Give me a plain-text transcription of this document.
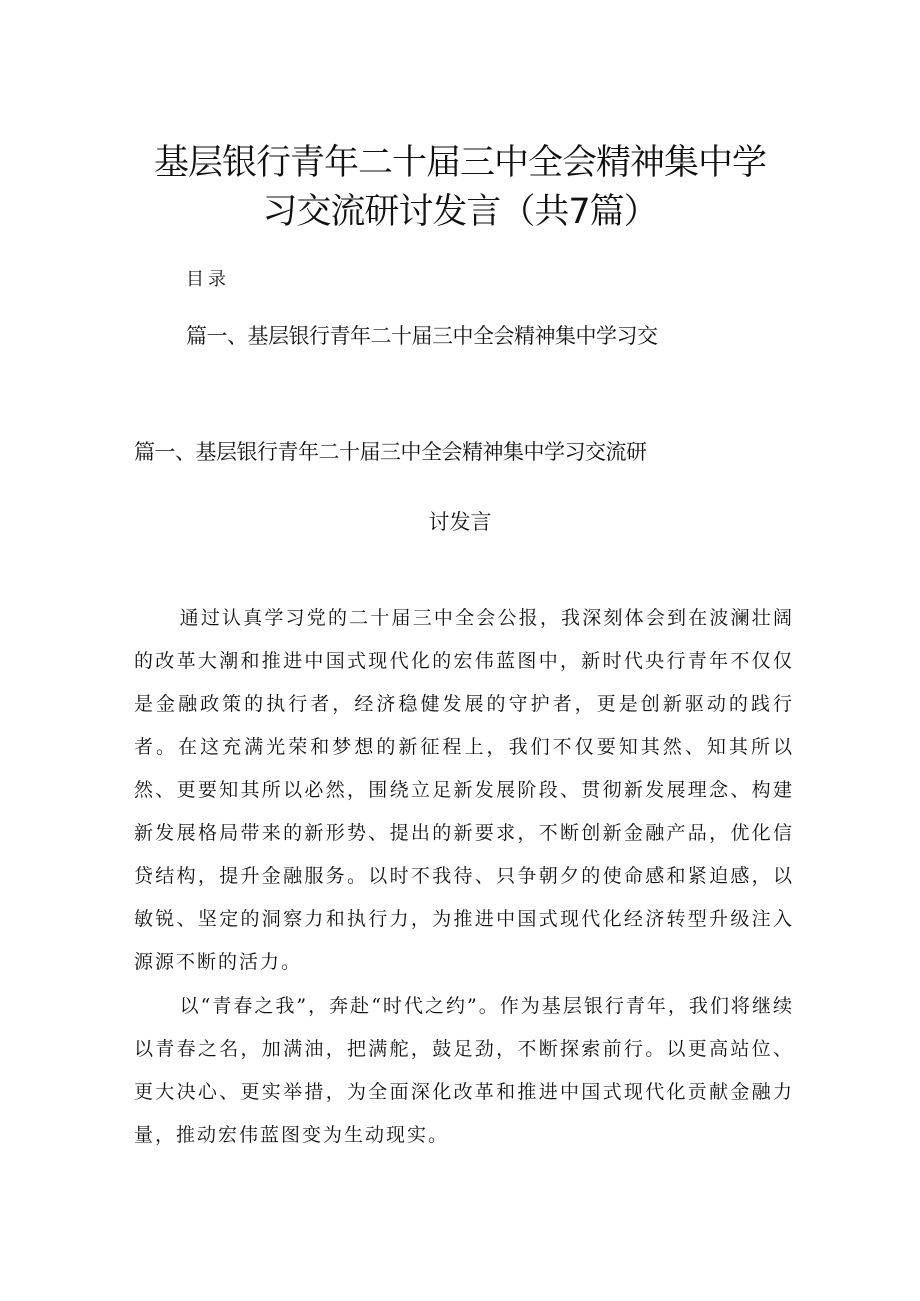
基层银行青年二十届三中全会精神集中学
习交流研讨发言（共7篇）
目录
篇一、基层银行青年二十届三中全会精神集中学习交
篇一、基层银行青年二十届三中全会精神集中学习交流研
讨发言

通过认真学习党的二十届三中全会公报，我深刻体会到在波澜壮阔的改革大潮和推进中国式现代化的宏伟蓝图中，新时代央行青年不仅仅是金融政策的执行者，经济稳健发展的守护者，更是创新驱动的践行者。在这充满光荣和梦想的新征程上，我们不仅要知其然、知其所以然、更要知其所以必然，围绕立足新发展阶段、贯彻新发展理念、构建新发展格局带来的新形势、提出的新要求，不断创新金融产品，优化信贷结构，提升金融服务。以时不我待、只争朝夕的使命感和紧迫感，以敏锐、坚定的洞察力和执行力，为推进中国式现代化经济转型升级注入源源不断的活力。

以“青春之我”，奔赴“时代之约”。作为基层银行青年，我们将继续以青春之名，加满油，把满舵，鼓足劲，不断探索前行。以更高站位、更大决心、更实举措，为全面深化改革和推进中国式现代化贡献金融力量，推动宏伟蓝图变为生动现实。
